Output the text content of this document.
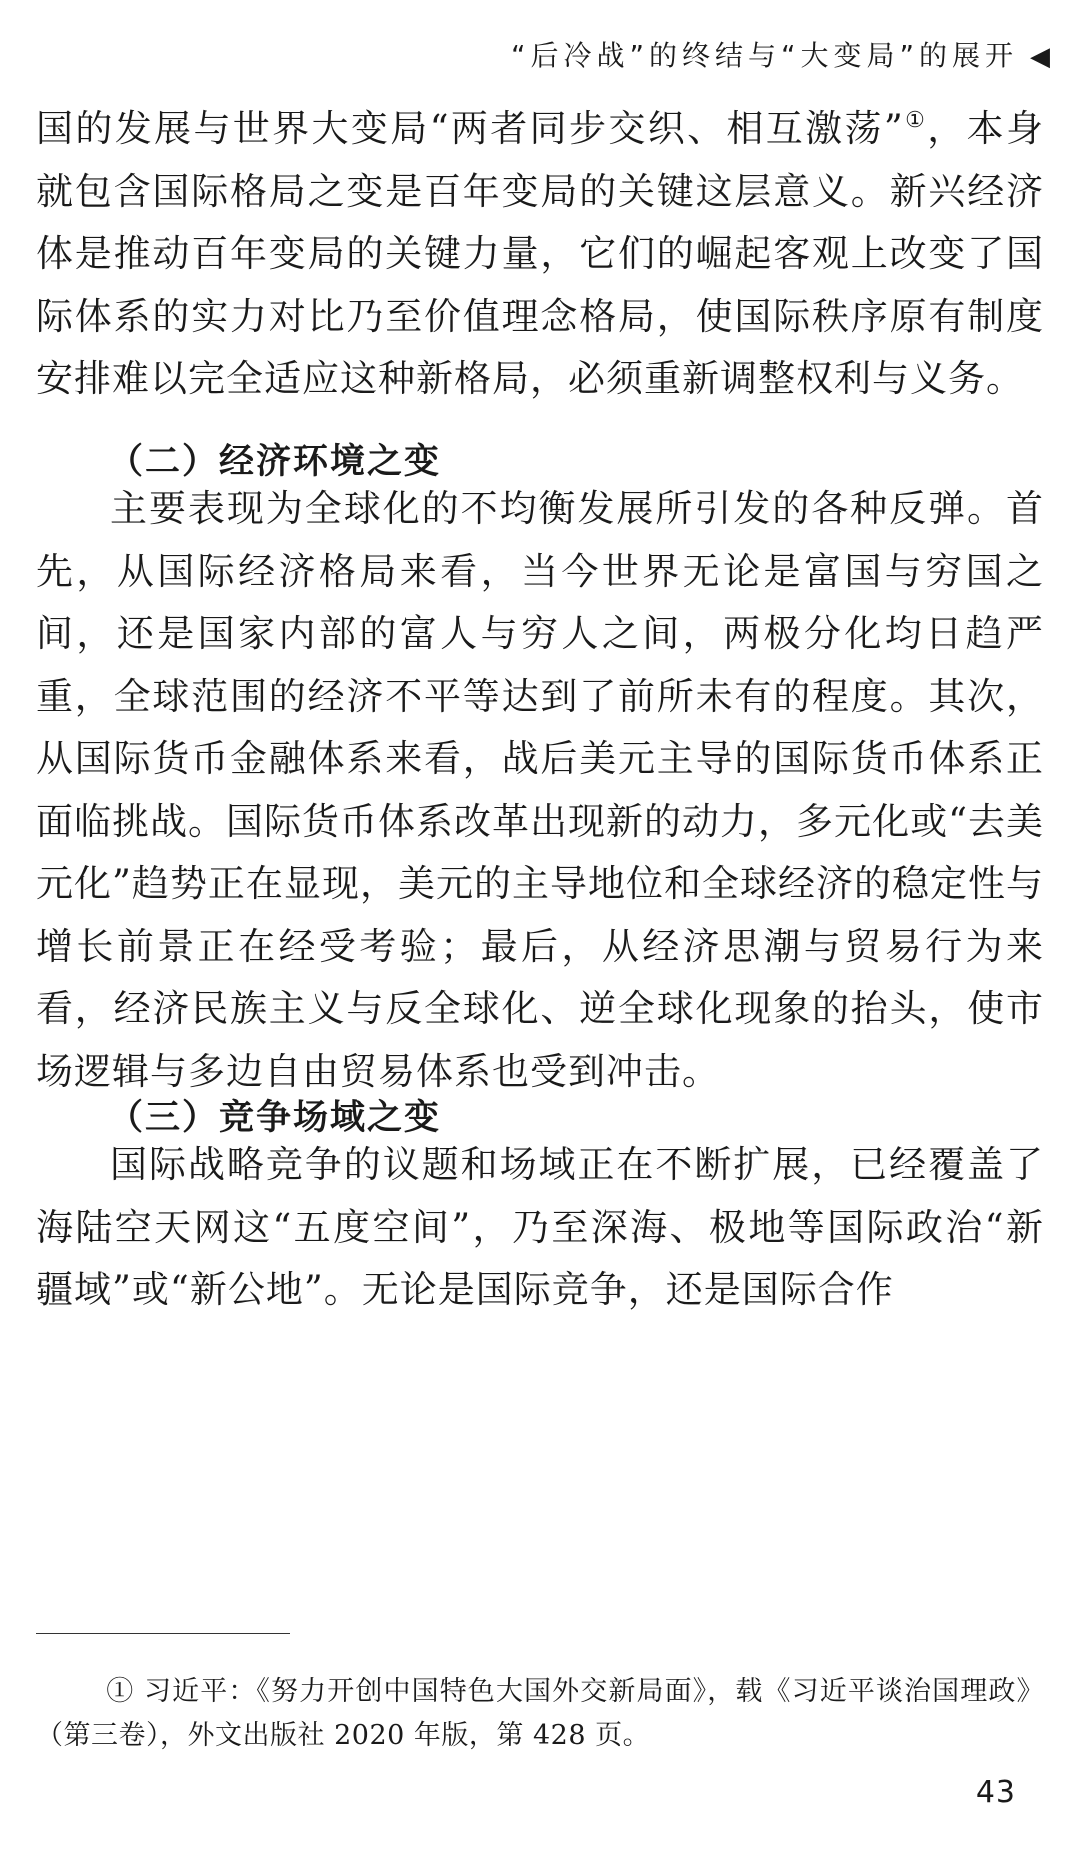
“后冷战”的终结与“大变局”的展开 ◀

国的发展与世界大变局“两者同步交织、相互激荡”①，本身就包含国际格局之变是百年变局的关键这层意义。新兴经济体是推动百年变局的关键力量，它们的崛起客观上改变了国际体系的实力对比乃至价值理念格局，使国际秩序原有制度安排难以完全适应这种新格局，必须重新调整权利与义务。

（二）经济环境之变

主要表现为全球化的不均衡发展所引发的各种反弹。首先，从国际经济格局来看，当今世界无论是富国与穷国之间，还是国家内部的富人与穷人之间，两极分化均日趋严重，全球范围的经济不平等达到了前所未有的程度。其次，从国际货币金融体系来看，战后美元主导的国际货币体系正面临挑战。国际货币体系改革出现新的动力，多元化或“去美元化”趋势正在显现，美元的主导地位和全球经济的稳定性与增长前景正在经受考验；最后，从经济思潮与贸易行为来看，经济民族主义与反全球化、逆全球化现象的抬头，使市场逻辑与多边自由贸易体系也受到冲击。

（三）竞争场域之变

国际战略竞争的议题和场域正在不断扩展，已经覆盖了海陆空天网这“五度空间”，乃至深海、极地等国际政治“新疆域”或“新公地”。无论是国际竞争，还是国际合作

① 习近平：《努力开创中国特色大国外交新局面》，载《习近平谈治国理政》（第三卷），外文出版社 2020 年版，第 428 页。

43
